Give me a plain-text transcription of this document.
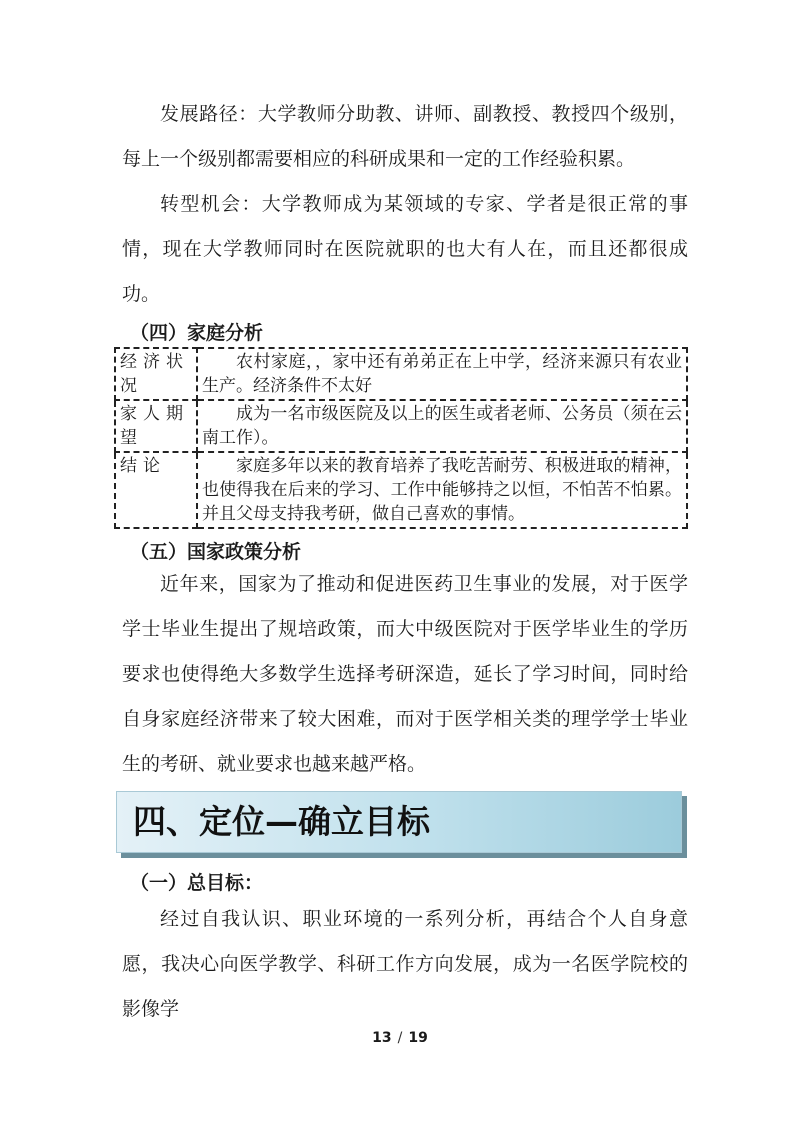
发展路径：大学教师分助教、讲师、副教授、教授四个级别，每上一个级别都需要相应的科研成果和一定的工作经验积累。

转型机会：大学教师成为某领域的专家、学者是很正常的事情，现在大学教师同时在医院就职的也大有人在，而且还都很成功。

（四）家庭分析
经济状况	农村家庭，，家中还有弟弟正在上中学，经济来源只有农业生产。经济条件不太好
家人期望	成为一名市级医院及以上的医生或者老师、公务员（须在云南工作）。
结论	家庭多年以来的教育培养了我吃苦耐劳、积极进取的精神，也使得我在后来的学习、工作中能够持之以恒，不怕苦不怕累。并且父母支持我考研，做自己喜欢的事情。
（五）国家政策分析

近年来，国家为了推动和促进医药卫生事业的发展，对于医学学士毕业生提出了规培政策，而大中级医院对于医学毕业生的学历要求也使得绝大多数学生选择考研深造，延长了学习时间，同时给自身家庭经济带来了较大困难，而对于医学相关类的理学学士毕业生的考研、就业要求也越来越严格。

四、定位—确立目标
（一）总目标：

经过自我认识、职业环境的一系列分析，再结合个人自身意愿，我决心向医学教学、科研工作方向发展，成为一名医学院校的影像学

13 / 19
